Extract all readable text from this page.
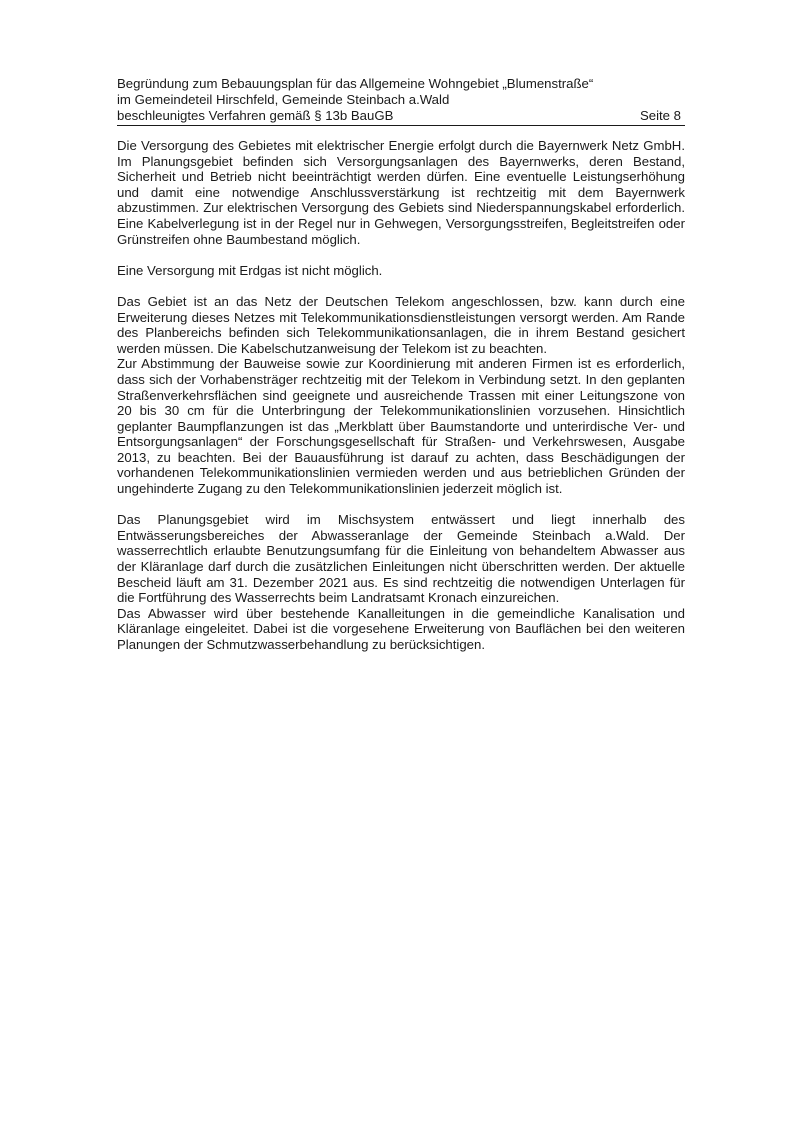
Begründung zum Bebauungsplan für das Allgemeine Wohngebiet „Blumenstraße“
im Gemeindeteil Hirschfeld, Gemeinde Steinbach a.Wald
beschleunigtes Verfahren gemäß § 13b BauGB	Seite 8

Die Versorgung des Gebietes mit elektrischer Energie erfolgt durch die Bayernwerk Netz GmbH. Im Planungsgebiet befinden sich Versorgungsanlagen des Bayernwerks, deren Bestand, Sicherheit und Betrieb nicht beeinträchtigt werden dürfen. Eine eventuelle Leistungserhöhung und damit eine notwendige Anschlussverstärkung ist rechtzeitig mit dem Bayernwerk abzustimmen. Zur elektrischen Versorgung des Gebiets sind Niederspannungskabel erforderlich. Eine Kabelverlegung ist in der Regel nur in Gehwegen, Versorgungsstreifen, Begleitstreifen oder Grünstreifen ohne Baumbestand möglich.

Eine Versorgung mit Erdgas ist nicht möglich.

Das Gebiet ist an das Netz der Deutschen Telekom angeschlossen, bzw. kann durch eine Erweiterung dieses Netzes mit Telekommunikationsdienstleistungen versorgt werden. Am Rande des Planbereichs befinden sich Telekommunikationsanlagen, die in ihrem Bestand gesichert werden müssen. Die Kabelschutzanweisung der Telekom ist zu beachten.

Zur Abstimmung der Bauweise sowie zur Koordinierung mit anderen Firmen ist es erforderlich, dass sich der Vorhabensträger rechtzeitig mit der Telekom in Verbindung setzt. In den geplanten Straßenverkehrsflächen sind geeignete und ausreichende Trassen mit einer Leitungszone von 20 bis 30 cm für die Unterbringung der Telekommunikationslinien vorzusehen. Hinsichtlich geplanter Baumpflanzungen ist das „Merkblatt über Baumstandorte und unterirdische Ver- und Entsorgungsanlagen“ der Forschungsgesellschaft für Straßen- und Verkehrswesen, Ausgabe 2013, zu beachten. Bei der Bauausführung ist darauf zu achten, dass Beschädigungen der vorhandenen Telekommunikationslinien vermieden werden und aus betrieblichen Gründen der ungehinderte Zugang zu den Telekommunikationslinien jederzeit möglich ist.

Das Planungsgebiet wird im Mischsystem entwässert und liegt innerhalb des Entwässerungsbereiches der Abwasseranlage der Gemeinde Steinbach a.Wald. Der wasserrechtlich erlaubte Benutzungsumfang für die Einleitung von behandeltem Abwasser aus der Kläranlage darf durch die zusätzlichen Einleitungen nicht überschritten werden. Der aktuelle Bescheid läuft am 31. Dezember 2021 aus. Es sind rechtzeitig die notwendigen Unterlagen für die Fortführung des Wasserrechts beim Landratsamt Kronach einzureichen.

Das Abwasser wird über bestehende Kanalleitungen in die gemeindliche Kanalisation und Kläranlage eingeleitet. Dabei ist die vorgesehene Erweiterung von Bauflächen bei den weiteren Planungen der Schmutzwasserbehandlung zu berücksichtigen.
